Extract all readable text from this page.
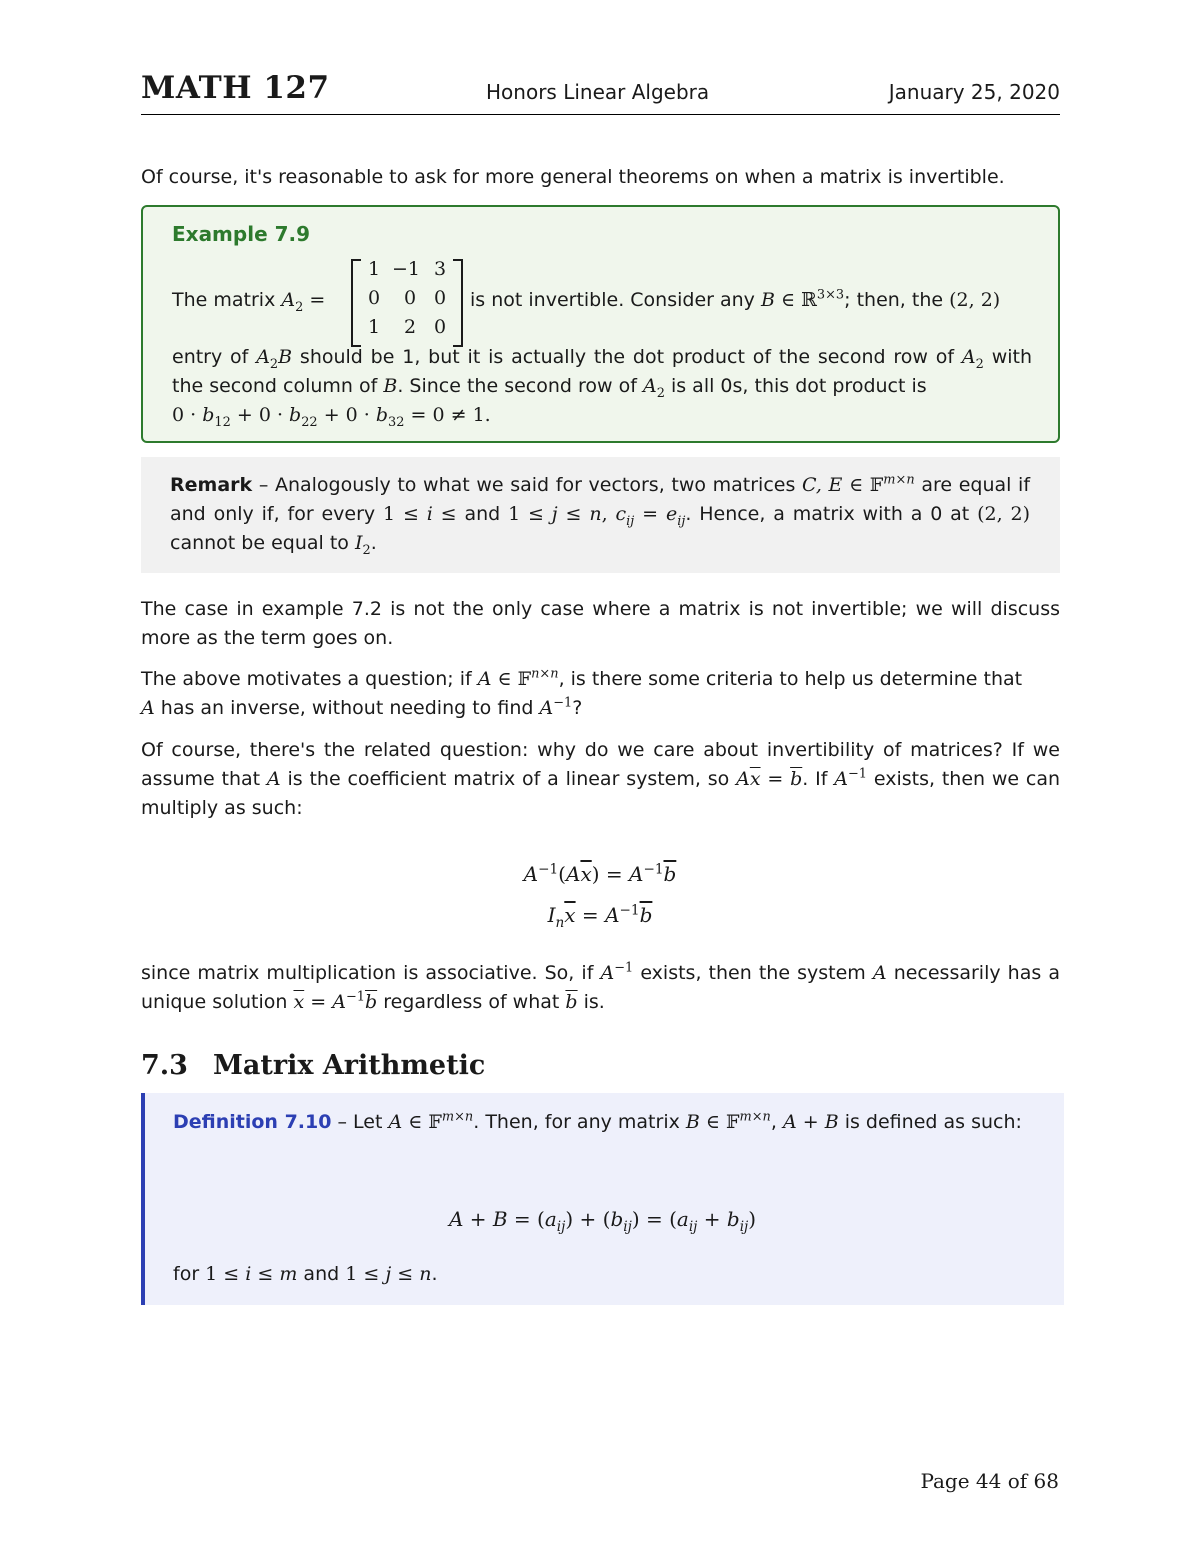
MATH 127	Honors Linear Algebra	January 25, 2020

Of course, it's reasonable to ask for more general theorems on when a matrix is invertible.

Example 7.9
The matrix $A_2$ =
1 −1 3
0	0 0
1	2 0
is not invertible. Consider any B ∈ ℝ$^{3\times 3}$; then, the (2, 2)
entry of $A_2B$ should be 1, but it is actually the dot product of the second row of $A_2$ with the second column of B. Since the second row of $A_2$ is all 0s, this dot product is
$0 \cdot b_{12} + 0 \cdot b_{22} + 0 \cdot b_{32} = 0 \ne 1$.
Remark – Analogously to what we said for vectors, two matrices C, E ∈ 𝔽$^{m\times n}$ are equal if and only if, for every 1 ≤ i ≤ and 1 ≤ j ≤ n, $c_{ij} = e_{ij}$. Hence, a matrix with a 0 at (2, 2) cannot be equal to $I_2$.

The case in example 7.2 is not the only case where a matrix is not invertible; we will discuss more as the term goes on.

The above motivates a question; if A ∈ 𝔽$^{n\times n}$, is there some criteria to help us determine that
A has an inverse, without needing to find $A^{-1}$?

Of course, there's the related question: why do we care about invertibility of matrices? If we assume that A is the coefficient matrix of a linear system, so $A\overline{x} = \overline{b}$. If $A^{-1}$ exists, then we can multiply as such:

$A^{-1}(A\overline{x}) = A^{-1}\overline{b}$
$I_n\overline{x} = A^{-1}\overline{b}$

since matrix multiplication is associative. So, if $A^{-1}$ exists, then the system A necessarily has a unique solution $\overline{x} = A^{-1}\overline{b}$ regardless of what $\overline{b}$ is.

7.3 Matrix Arithmetic
Definition 7.10 – Let A ∈ 𝔽$^{m\times n}$. Then, for any matrix B ∈ 𝔽$^{m\times n}$, A + B is defined as such:
$A + B = (a_{ij}) + (b_{ij}) = (a_{ij} + b_{ij})$
for 1 ≤ i ≤ m and 1 ≤ j ≤ n.
Page 44 of 68
